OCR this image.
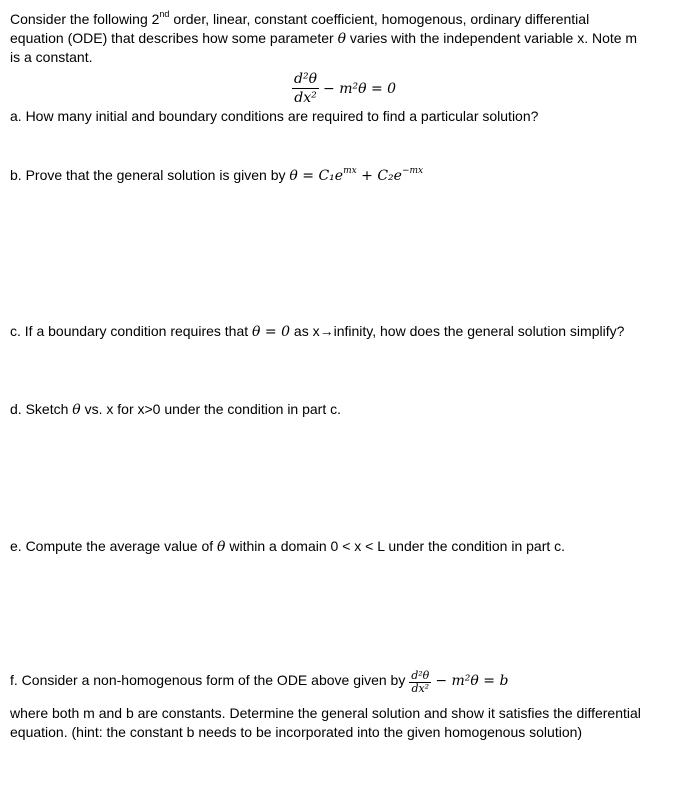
Consider the following 2nd order, linear, constant coefficient, homogenous, ordinary differential
equation (ODE) that describes how some parameter θ varies with the independent variable x. Note m
is a constant.
$\frac{\text{d²θ}}{\text{dx²}} - m^2\theta = 0$
a. How many initial and boundary conditions are required to find a particular solution?
b. Prove that the general solution is given by $\theta = C_1e^{mx} + C_2e^{-mx}$
c. If a boundary condition requires that θ = 0 as x→infinity, how does the general solution simplify?
d. Sketch θ vs. x for x>0 under the condition in part c.
e. Compute the average value of θ within a domain 0 < x < L under the condition in part c.
f. Consider a non-homogenous form of the ODE above given by $\frac{\text{d²θ}}{\text{dx²}} - m^2\theta = b$
where both m and b are constants. Determine the general solution and show it satisfies the differential
equation. (hint: the constant b needs to be incorporated into the given homogenous solution)
